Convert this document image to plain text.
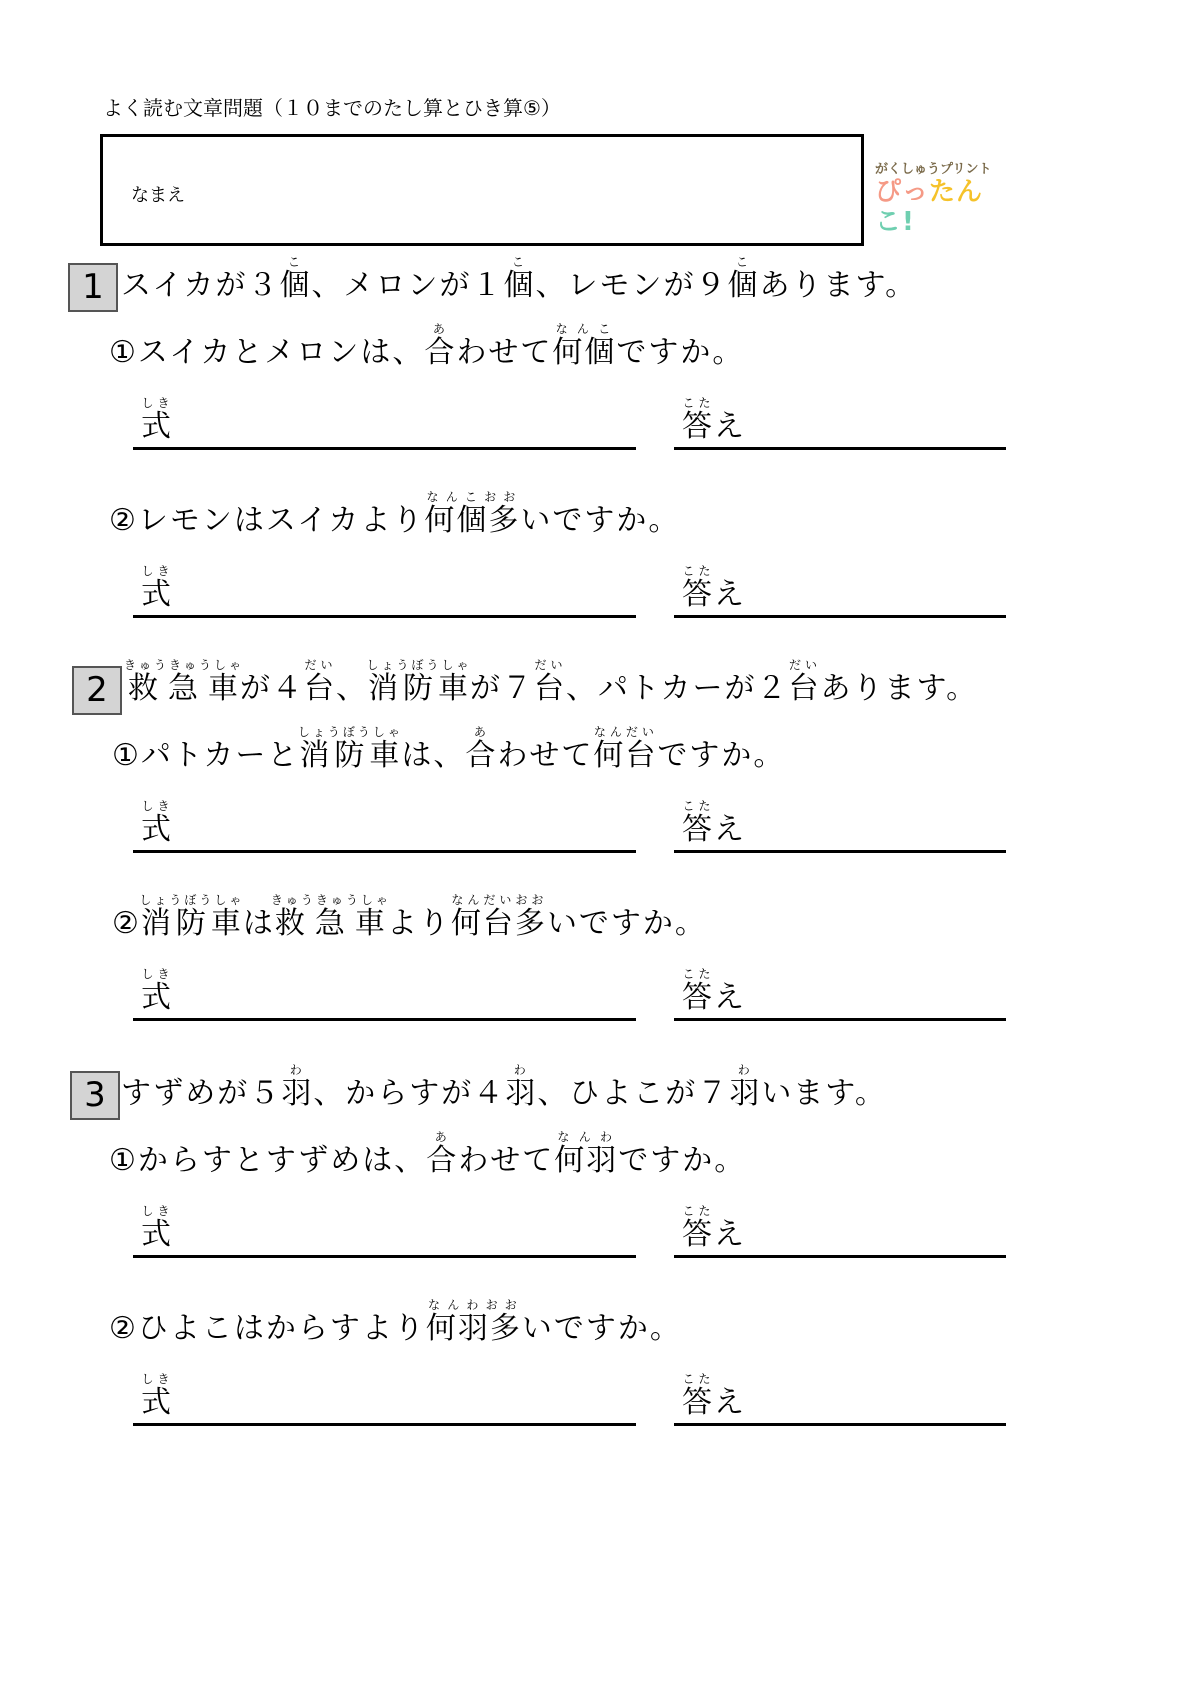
よく読む文章問題（１０までのたし算とひき算⑤）
なまえ
がくしゅうプリント
ぴったんこ!
1 スイカが３個こ、メロンが１個こ、レモンが９個こあります。
①スイカとメロンは、合あわせて何個なんこですか。
式しき
答こたえ
②レモンはスイカより何個多なんこおおいですか。
式しき
答こたえ
2 救急車きゅうきゅうしゃが４台だい、消防車しょうぼうしゃが７台だい、パトカーが２台だいあります。
①パトカーと消防車しょうぼうしゃは、合あわせて何台なんだいですか。
式しき
答こたえ
②消防車しょうぼうしゃは救急車きゅうきゅうしゃより何台多なんだいおおいですか。
式しき
答こたえ
3 すずめが５羽わ、からすが４羽わ、ひよこが７羽わいます。
①からすとすずめは、合あわせて何羽なんわですか。
式しき
答こたえ
②ひよこはからすより何羽多なんわおおいですか。
式しき
答こたえ
